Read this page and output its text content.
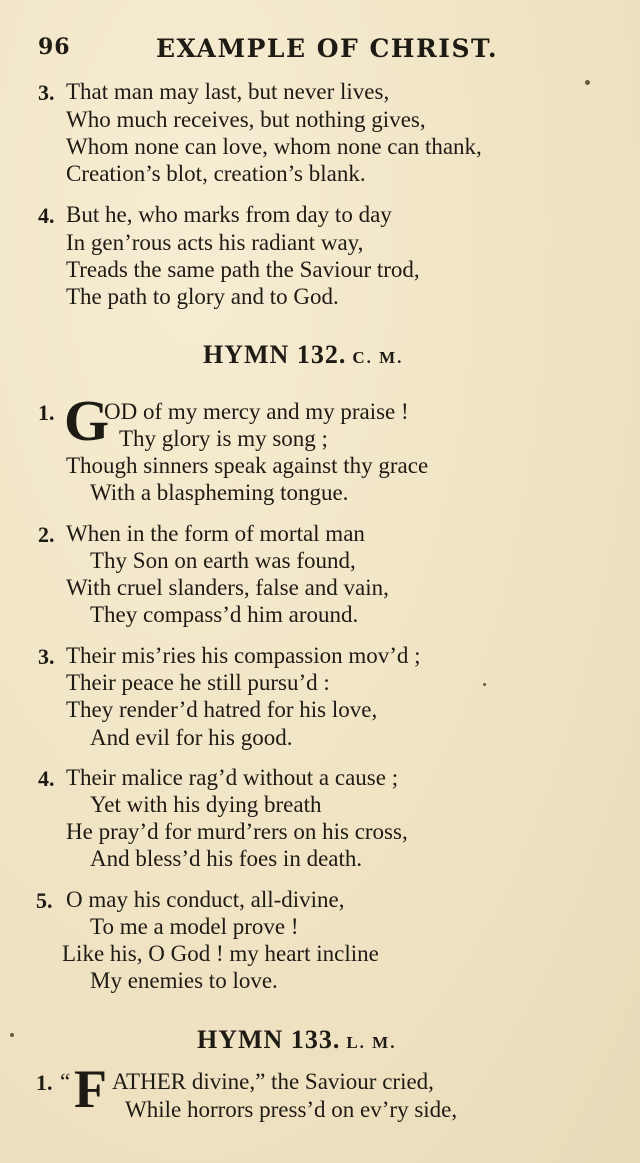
96	EXAMPLE OF CHRIST.
3. That man may last, but never lives,
Who much receives, but nothing gives,
Whom none can love, whom none can thank,
Creation’s blot, creation’s blank.
4. But he, who marks from day to day
In gen’rous acts his radiant way,
Treads the same path the Saviour trod,
The path to glory and to God.
HYMN 132. C. M.
1. G
OD of my mercy and my praise !
Thy glory is my song ;
Though sinners speak against thy grace
With a blaspheming tongue.
2. When in the form of mortal man
Thy Son on earth was found,
With cruel slanders, false and vain,
They compass’d him around.
3. Their mis’ries his compassion mov’d ;
Their peace he still pursu’d :
They render’d hatred for his love,
And evil for his good.
4. Their malice rag’d without a cause ;
Yet with his dying breath
He pray’d for murd’rers on his cross,
And bless’d his foes in death.
5. O may his conduct, all-divine,
To me a model prove !
Like his, O God ! my heart incline
My enemies to love.
HYMN 133. L. M.
1. “ F ATHER divine,” the Saviour cried,
While horrors press’d on ev’ry side,
